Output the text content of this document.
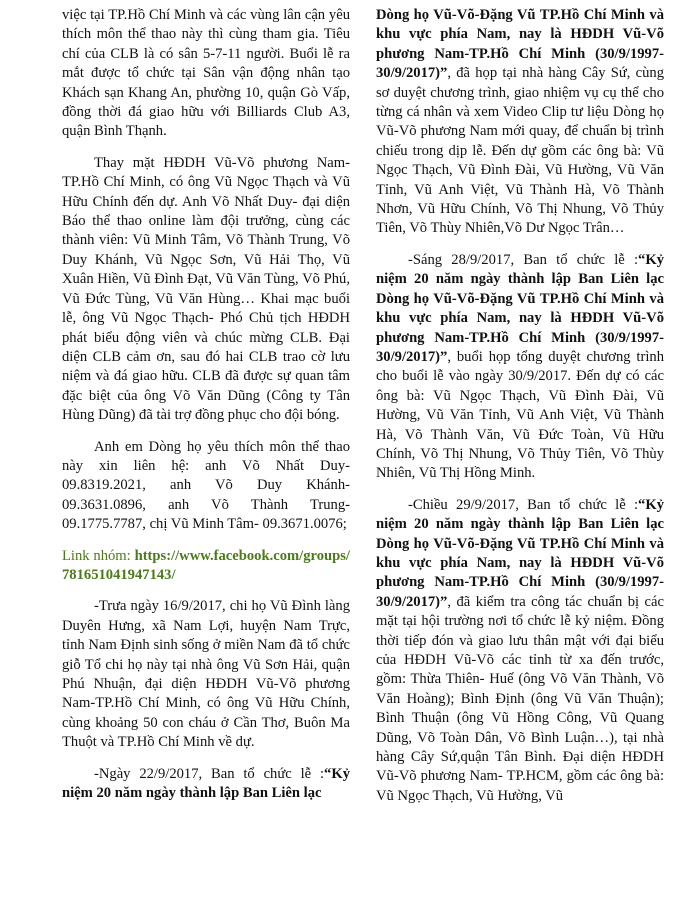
việc tại TP.Hồ Chí Minh và các vùng lân cận yêu thích môn thể thao này thì cùng tham gia. Tiêu chí của CLB là có sân 5-7-11 người. Buổi lễ ra mắt được tổ chức tại Sân vận động nhân tạo Khách sạn Khang An, phường 10, quận Gò Vấp, đồng thời đá giao hữu với Billiards Club A3, quận Bình Thạnh.

Thay mặt HĐDH Vũ-Võ phương Nam-TP.Hồ Chí Minh, có ông Vũ Ngọc Thạch và Vũ Hữu Chính đến dự. Anh Võ Nhất Duy- đại diện Báo thể thao online làm đội trưởng, cùng các thành viên: Vũ Minh Tâm, Võ Thành Trung, Võ Duy Khánh, Vũ Ngọc Sơn, Vũ Hải Thọ, Vũ Xuân Hiền, Vũ Đình Đạt, Vũ Văn Tùng, Võ Phú, Vũ Đức Tùng, Vũ Văn Hùng… Khai mạc buổi lễ, ông Vũ Ngọc Thạch- Phó Chủ tịch HĐDH phát biểu động viên và chúc mừng CLB. Đại diện CLB cảm ơn, sau đó hai CLB trao cờ lưu niệm và đá giao hữu. CLB đã được sự quan tâm đặc biệt của ông Võ Văn Dũng (Công ty Tân Hùng Dũng) đã tài trợ đồng phục cho đội bóng.

Anh em Dòng họ yêu thích môn thể thao này xin liên hệ: anh Võ Nhất Duy- 09.8319.2021, anh Võ Duy Khánh- 09.3631.0896, anh Võ Thành Trung- 09.1775.7787, chị Vũ Minh Tâm- 09.3671.0076;

Link nhóm: https://www.facebook.com/groups/781651041947143/

-Trưa ngày 16/9/2017, chi họ Vũ Đình làng Duyên Hưng, xã Nam Lợi, huyện Nam Trực, tỉnh Nam Định sinh sống ở miền Nam đã tổ chức giỗ Tổ chi họ này tại nhà ông Vũ Sơn Hải, quận Phú Nhuận, đại diện HĐDH Vũ-Võ phương Nam-TP.Hồ Chí Minh, có ông Vũ Hữu Chính, cùng khoảng 50 con cháu ở Cần Thơ, Buôn Ma Thuột và TP.Hồ Chí Minh về dự.

-Ngày 22/9/2017, Ban tổ chức lễ :“Kỷ niệm 20 năm ngày thành lập Ban Liên lạc

Dòng họ Vũ-Võ-Đặng Vũ TP.Hồ Chí Minh và khu vực phía Nam, nay là HĐDH Vũ-Võ phương Nam-TP.Hồ Chí Minh (30/9/1997- 30/9/2017)”, đã họp tại nhà hàng Cây Sứ, cùng sơ duyệt chương trình, giao nhiệm vụ cụ thể cho từng cá nhân và xem Video Clip tư liệu Dòng họ Vũ-Võ phương Nam mới quay, để chuẩn bị trình chiếu trong dịp lễ. Đến dự gồm các ông bà: Vũ Ngọc Thạch, Vũ Đình Đài, Vũ Hường, Vũ Văn Tỉnh, Vũ Anh Việt, Vũ Thành Hà, Võ Thành Nhơn, Vũ Hữu Chính, Võ Thị Nhung, Võ Thủy Tiên, Võ Thùy Nhiên,Võ Dư Ngọc Trân…

-Sáng 28/9/2017, Ban tổ chức lễ :“Kỷ niệm 20 năm ngày thành lập Ban Liên lạc Dòng họ Vũ-Võ-Đặng Vũ TP.Hồ Chí Minh và khu vực phía Nam, nay là HĐDH Vũ-Võ phương Nam-TP.Hồ Chí Minh (30/9/1997- 30/9/2017)”, buổi họp tổng duyệt chương trình cho buổi lễ vào ngày 30/9/2017. Đến dự có các ông bà: Vũ Ngọc Thạch, Vũ Đình Đài, Vũ Hường, Vũ Văn Tỉnh, Vũ Anh Việt, Vũ Thành Hà, Võ Thành Văn, Vũ Đức Toàn, Vũ Hữu Chính, Võ Thị Nhung, Võ Thủy Tiên, Võ Thùy Nhiên, Vũ Thị Hồng Minh.

-Chiều 29/9/2017, Ban tổ chức lễ :“Kỷ niệm 20 năm ngày thành lập Ban Liên lạc Dòng họ Vũ-Võ-Đặng Vũ TP.Hồ Chí Minh và khu vực phía Nam, nay là HĐDH Vũ-Võ phương Nam-TP.Hồ Chí Minh (30/9/1997- 30/9/2017)”, đã kiểm tra công tác chuẩn bị các mặt tại hội trường nơi tổ chức lễ kỷ niệm. Đồng thời tiếp đón và giao lưu thân mật với đại biểu của HĐDH Vũ-Võ các tỉnh từ xa đến trước, gồm: Thừa Thiên- Huế (ông Võ Văn Thành, Võ Văn Hoàng); Bình Định (ông Vũ Văn Thuận); Bình Thuận (ông Vũ Hồng Công, Vũ Quang Dũng, Võ Toàn Dân, Võ Bình Luận…), tại nhà hàng Cây Sứ,quận Tân Bình. Đại diện HĐDH Vũ-Võ phương Nam- TP.HCM, gồm các ông bà: Vũ Ngọc Thạch, Vũ Hường, Vũ
